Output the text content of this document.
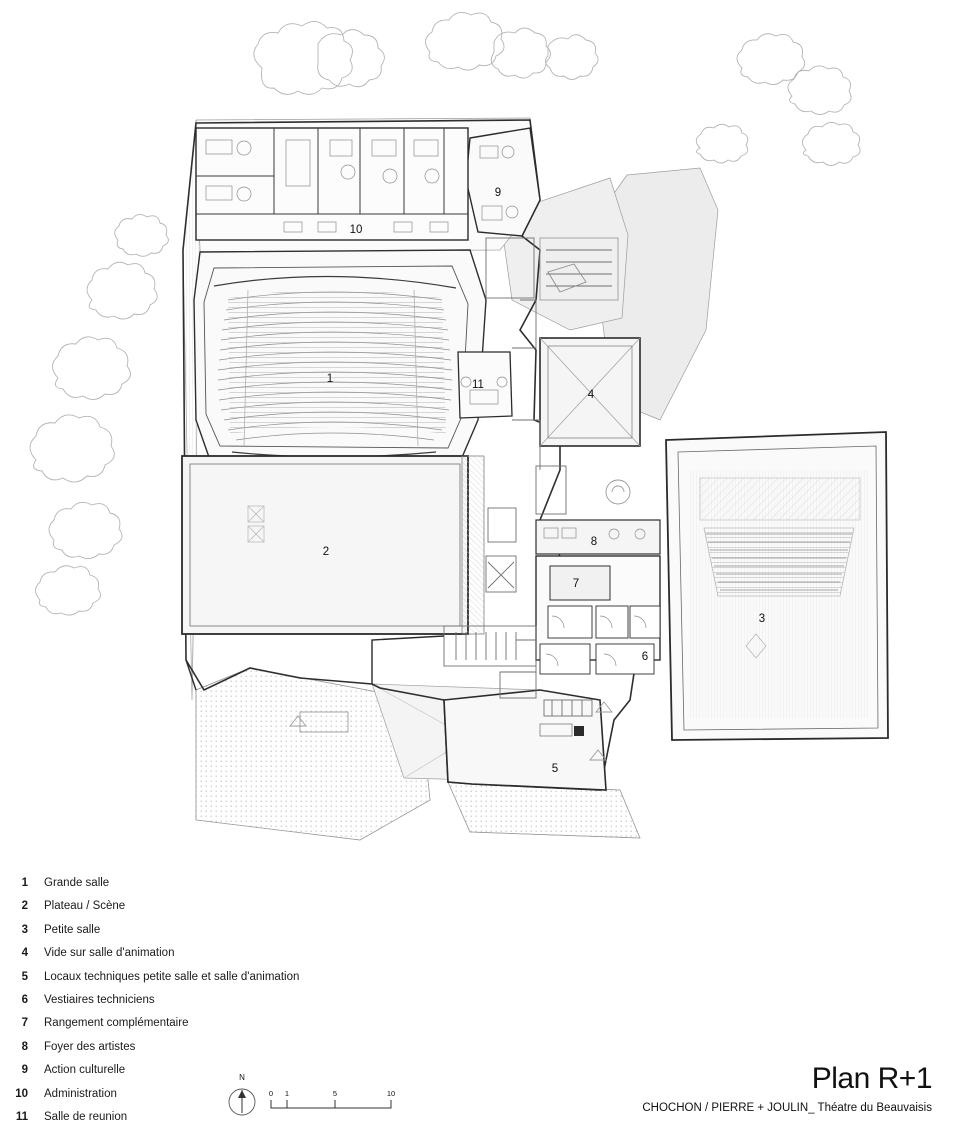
1
2
3
4
5
6
7
8
9
10
11
1 Grande salle
2 Plateau / Scène
3 Petite salle
4 Vide sur salle d'animation
5 Locaux techniques petite salle et salle d'animation
6 Vestiaires techniciens
7 Rangement complémentaire
8 Foyer des artistes
9 Action culturelle
10 Administration
11 Salle de reunion
N
0 1	5	10	Plan R+1
CHOCHON / PIERRE + JOULIN_ Théatre du Beauvaisis
